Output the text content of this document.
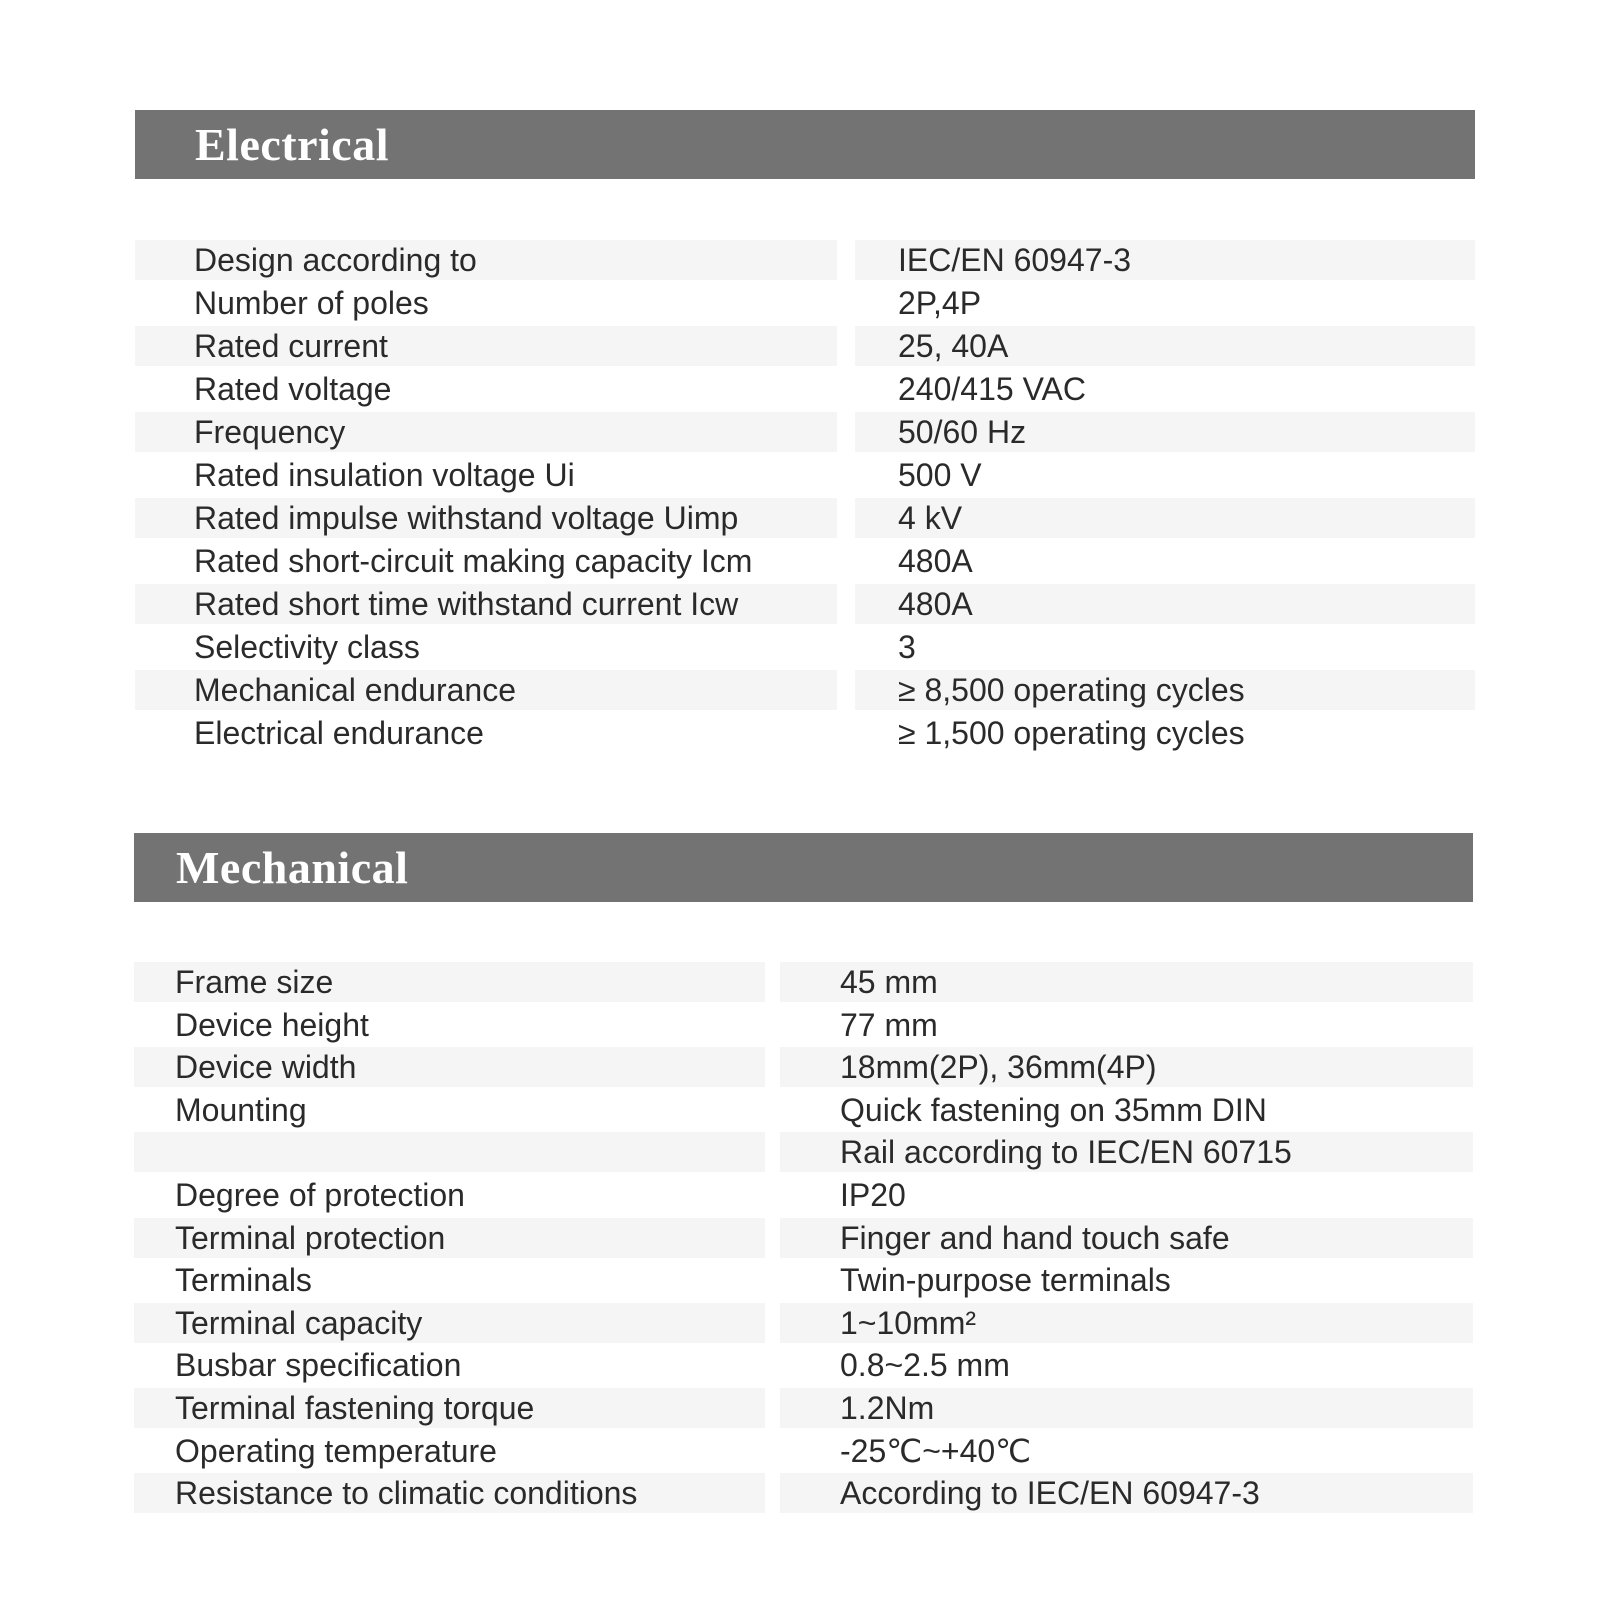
Electrical
Design according to	IEC/EN 60947-3
Number of poles	2P,4P
Rated current	25, 40A
Rated voltage	240/415 VAC
Frequency	50/60 Hz
Rated insulation voltage Ui	500 V
Rated impulse withstand voltage Uimp	4 kV
Rated short-circuit making capacity Icm	480A
Rated short time withstand current Icw	480A
Selectivity class	3
Mechanical endurance	≥ 8,500 operating cycles
Electrical endurance	≥ 1,500 operating cycles
Mechanical
Frame size	45 mm
Device height	77 mm
Device width	18mm(2P), 36mm(4P)
Mounting	Quick fastening on 35mm DIN
Rail according to IEC/EN 60715
Degree of protection	IP20
Terminal protection	Finger and hand touch safe
Terminals	Twin-purpose terminals
Terminal capacity	1~10mm²
Busbar specification	0.8~2.5 mm
Terminal fastening torque	1.2Nm
Operating temperature	-25℃~+40℃
Resistance to climatic conditions	According to IEC/EN 60947-3
